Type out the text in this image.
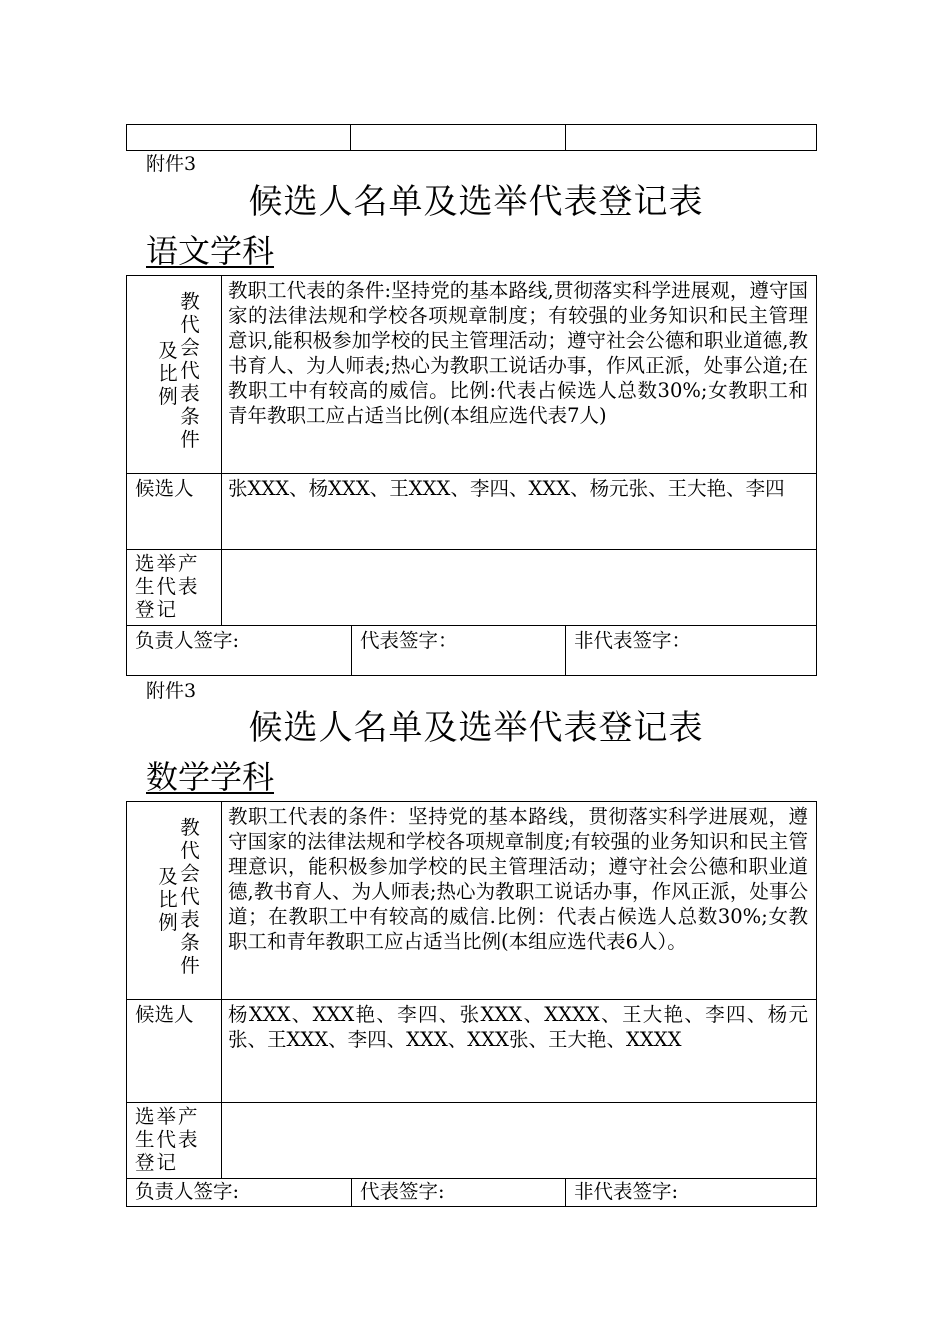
附件3
候选人名单及选举代表登记表
语文学科
教代会代表条件
及比例	教职工代表的条件:坚持党的基本路线,贯彻落实科学进展观，遵守国家的法律法规和学校各项规章制度；有较强的业务知识和民主管理意识,能积极参加学校的民主管理活动；遵守社会公德和职业道德,教书育人、为人师表;热心为教职工说话办事，作风正派，处事公道;在教职工中有较高的威信。比例:代表占候选人总数30%;女教职工和青年教职工应占适当比例(本组应选代表7人)		
候选人	张XXX、杨XXX、王XXX、李四、XXX、杨元张、王大艳、李四		

选举产生代表登记			

负责人签字:		代表签字：	非代表签字：
附件3
候选人名单及选举代表登记表
数学学科
教代会代表条件
及比例	教职工代表的条件：坚持党的基本路线，贯彻落实科学进展观，遵守国家的法律法规和学校各项规章制度;有较强的业务知识和民主管理意识，能积极参加学校的民主管理活动；遵守社会公德和职业道德,教书育人、为人师表;热心为教职工说话办事，作风正派，处事公道；在教职工中有较高的威信.比例：代表占候选人总数30%;女教职工和青年教职工应占适当比例(本组应选代表6人）。		
候选人	杨XXX、XXX艳、李四、张XXX、XXXX、王大艳、李四、杨元张、王XXX、李四、XXX、XXX张、王大艳、XXXX		

选举产生代表登记			

负责人签字:		代表签字:	非代表签字:
